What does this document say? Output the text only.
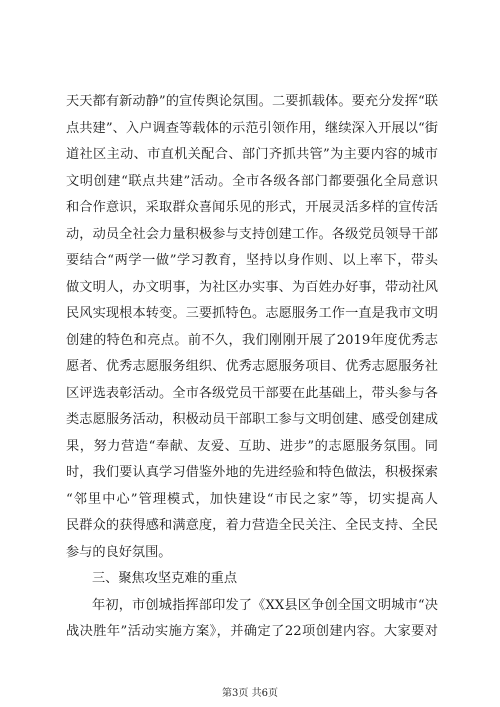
天天都有新动静”的宣传舆论氛围。二要抓载体。要充分发挥“联
点共建”、入户调查等载体的示范引领作用，继续深入开展以“街
道社区主动、市直机关配合、部门齐抓共管”为主要内容的城市
文明创建“联点共建”活动。全市各级各部门都要强化全局意识
和合作意识，采取群众喜闻乐见的形式，开展灵活多样的宣传活
动，动员全社会力量积极参与支持创建工作。各级党员领导干部
要结合“两学一做”学习教育，坚持以身作则、以上率下，带头
做文明人，办文明事，为社区办实事、为百姓办好事，带动社风
民风实现根本转变。三要抓特色。志愿服务工作一直是我市文明
创建的特色和亮点。前不久，我们刚刚开展了2019年度优秀志
愿者、优秀志愿服务组织、优秀志愿服务项目、优秀志愿服务社
区评选表彰活动。全市各级党员干部要在此基础上，带头参与各
类志愿服务活动，积极动员干部职工参与文明创建、感受创建成
果，努力营造“奉献、友爱、互助、进步”的志愿服务氛围。同
时，我们要认真学习借鉴外地的先进经验和特色做法，积极探索
“邻里中心”管理模式，加快建设“市民之家”等，切实提高人
民群众的获得感和满意度，着力营造全民关注、全民支持、全民
参与的良好氛围。
三、聚焦攻坚克难的重点
年初，市创城指挥部印发了《XX县区争创全国文明城市“决
战决胜年”活动实施方案》，并确定了22项创建内容。大家要对
第3页 共6页
